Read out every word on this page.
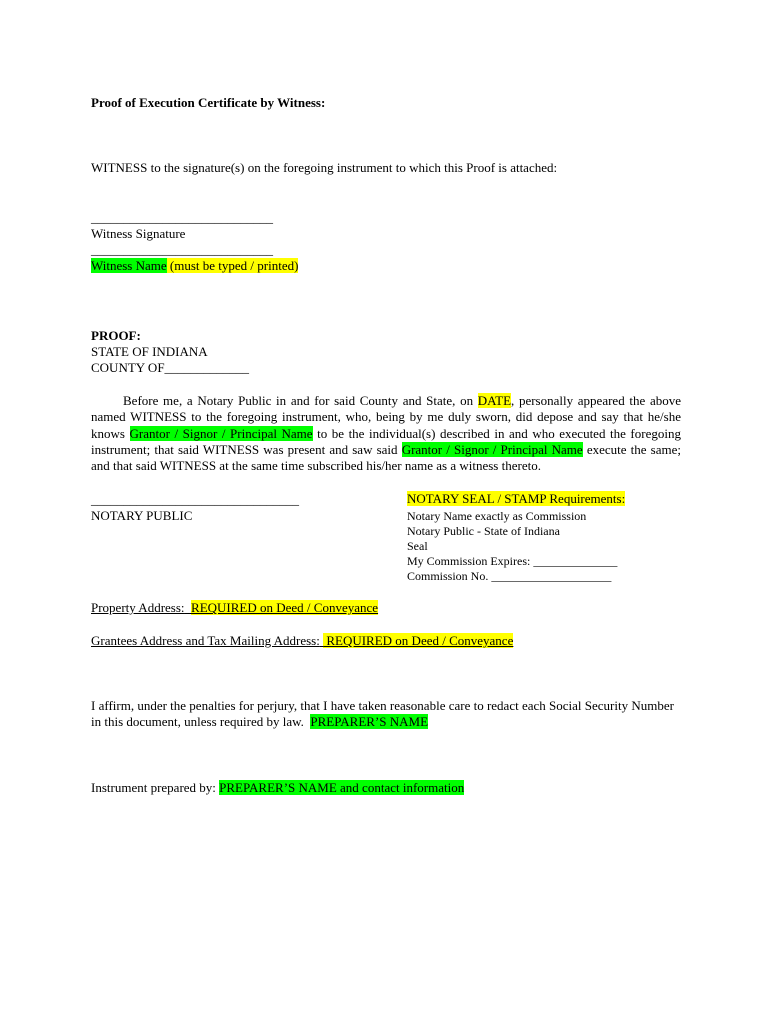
Proof of Execution Certificate by Witness:
WITNESS to the signature(s) on the foregoing instrument to which this Proof is attached:
____________________________
Witness Signature
____________________________
Witness Name (must be typed / printed)
PROOF:
STATE OF INDIANA
COUNTY OF_____________
Before me, a Notary Public in and for said County and State, on DATE, personally appeared the above named WITNESS to the foregoing instrument, who, being by me duly sworn, did depose and say that he/she knows Grantor / Signor / Principal Name to be the individual(s) described in and who executed the foregoing instrument; that said WITNESS was present and saw said Grantor / Signor / Principal Name execute the same; and that said WITNESS at the same time subscribed his/her name as a witness thereto.
________________________________
NOTARY PUBLIC
NOTARY SEAL / STAMP Requirements:
Notary Name exactly as Commission
Notary Public - State of Indiana
Seal
My Commission Expires: ______________
Commission No. ____________________
Property Address: REQUIRED on Deed / Conveyance
Grantees Address and Tax Mailing Address:  REQUIRED on Deed / Conveyance
I affirm, under the penalties for perjury, that I have taken reasonable care to redact each Social Security Number in this document, unless required by law. PREPARER’S NAME
Instrument prepared by: PREPARER’S NAME and contact information
